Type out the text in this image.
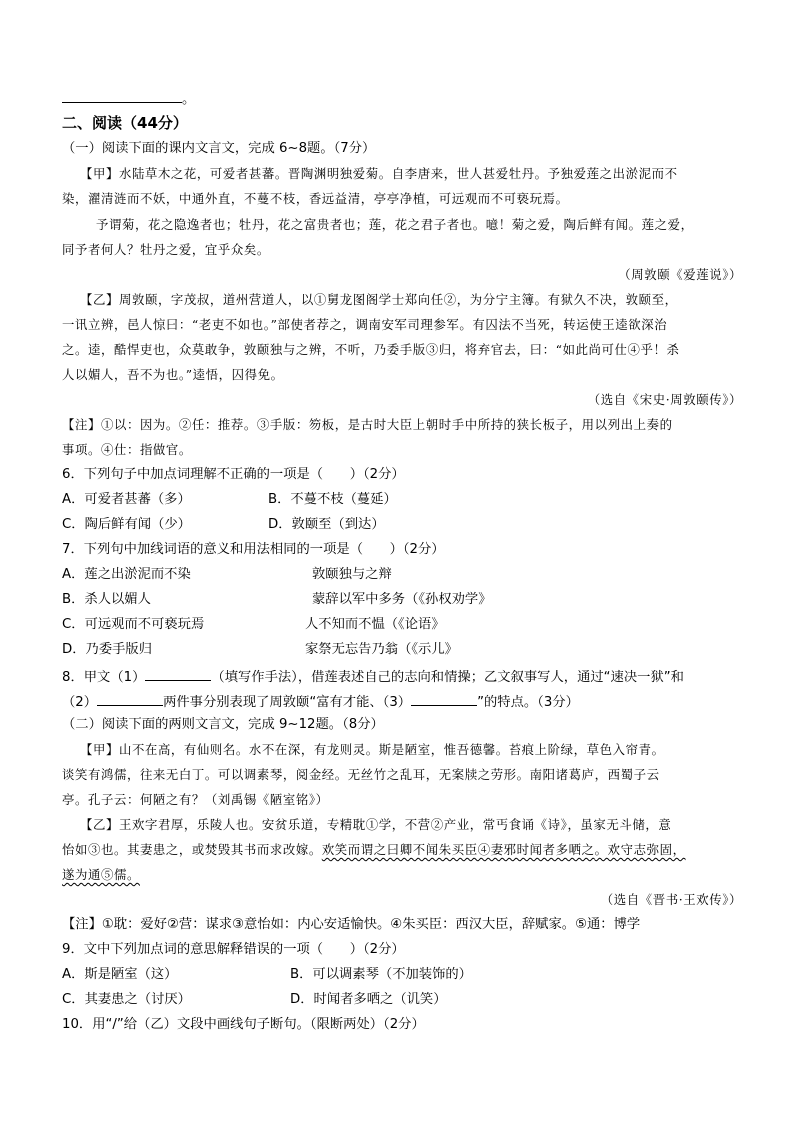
。
二、阅读（44分）
（一）阅读下面的课内文言文，完成 6~8题。（7分）
【甲】水陆草木之花，可爱者甚蕃。晋陶渊明独爱菊。自李唐来，世人甚爱牡丹。予独爱莲之出淤泥而不
染，濯清涟而不妖，中通外直，不蔓不枝，香远益清，亭亭净植，可远观而不可亵玩焉。
予谓菊，花之隐逸者也；牡丹，花之富贵者也；莲，花之君子者也。噫！菊之爱，陶后鲜有闻。莲之爱，
同予者何人？牡丹之爱，宜乎众矣。
（周敦颐《爱莲说》）
【乙】周敦颐，字茂叔，道州营道人，以①舅龙图阁学士郑向任②，为分宁主簿。有狱久不决，敦颐至，
一讯立辨，邑人惊曰：“老吏不如也。”部使者荐之，调南安军司理参军。有囚法不当死，转运使王逵欲深治
之。逵，酷悍吏也，众莫敢争，敦颐独与之辨，不听，乃委手版③归，将弃官去，曰：“如此尚可仕④乎！杀
人以媚人，吾不为也。”逵悟，囚得免。
（选自《宋史·周敦颐传》）
【注】①以：因为。②任：推荐。③手版：笏板，是古时大臣上朝时手中所持的狭长板子，用以列出上奏的
事项。④仕：指做官。
6．下列句子中加点词理解不正确的一项是（　　）（2分）
A．可爱者甚蕃（多）	B．不蔓不枝（蔓延）
C．陶后鲜有闻（少）	D．敦颐至（到达）
7．下列句中加线词语的意义和用法相同的一项是（　　）（2分）
A．莲之出淤泥而不染	敦颐独与之辩
B．杀人以媚人	蒙辞以军中多务（《孙权劝学》
C．可远观而不可亵玩焉	人不知而不愠（《论语》
D．乃委手版归	家祭无忘告乃翁（《示儿》
8．甲文（1）	（填写作手法），借莲表述自己的志向和情操；乙文叙事写人，通过“速决一狱”和
（2）	两件事分别表现了周敦颐“富有才能、（3）	”的特点。（3分）
（二）阅读下面的两则文言文，完成 9~12题。（8分）
【甲】山不在高，有仙则名。水不在深，有龙则灵。斯是陋室，惟吾德馨。苔痕上阶绿，草色入帘青。
谈笑有鸿儒，往来无白丁。可以调素琴，阅金经。无丝竹之乱耳，无案牍之劳形。南阳诸葛庐，西蜀子云
亭。孔子云：何陋之有？（刘禹锡《陋室铭》）
【乙】王欢字君厚，乐陵人也。安贫乐道，专精耽①学，不营②产业，常丐食诵《诗》，虽家无斗储，意
怡如③也。其妻患之，或焚毁其书而求改嫁。欢笑而谓之曰卿不闻朱买臣④妻邪时闻者多哂之。欢守志弥固，
遂为通⑤儒。
（选自《晋书·王欢传》）
【注】①耽：爱好②营：谋求③意怡如：内心安适愉快。④朱买臣：西汉大臣，辞赋家。⑤通：博学
9．文中下列加点词的意思解释错误的一项（　　）（2分）
A．斯是陋室（这）	B．可以调素琴（不加装饰的）
C．其妻患之（讨厌）	D．时闻者多哂之（讥笑）
10．用“/”给（乙）文段中画线句子断句。（限断两处）（2分）
